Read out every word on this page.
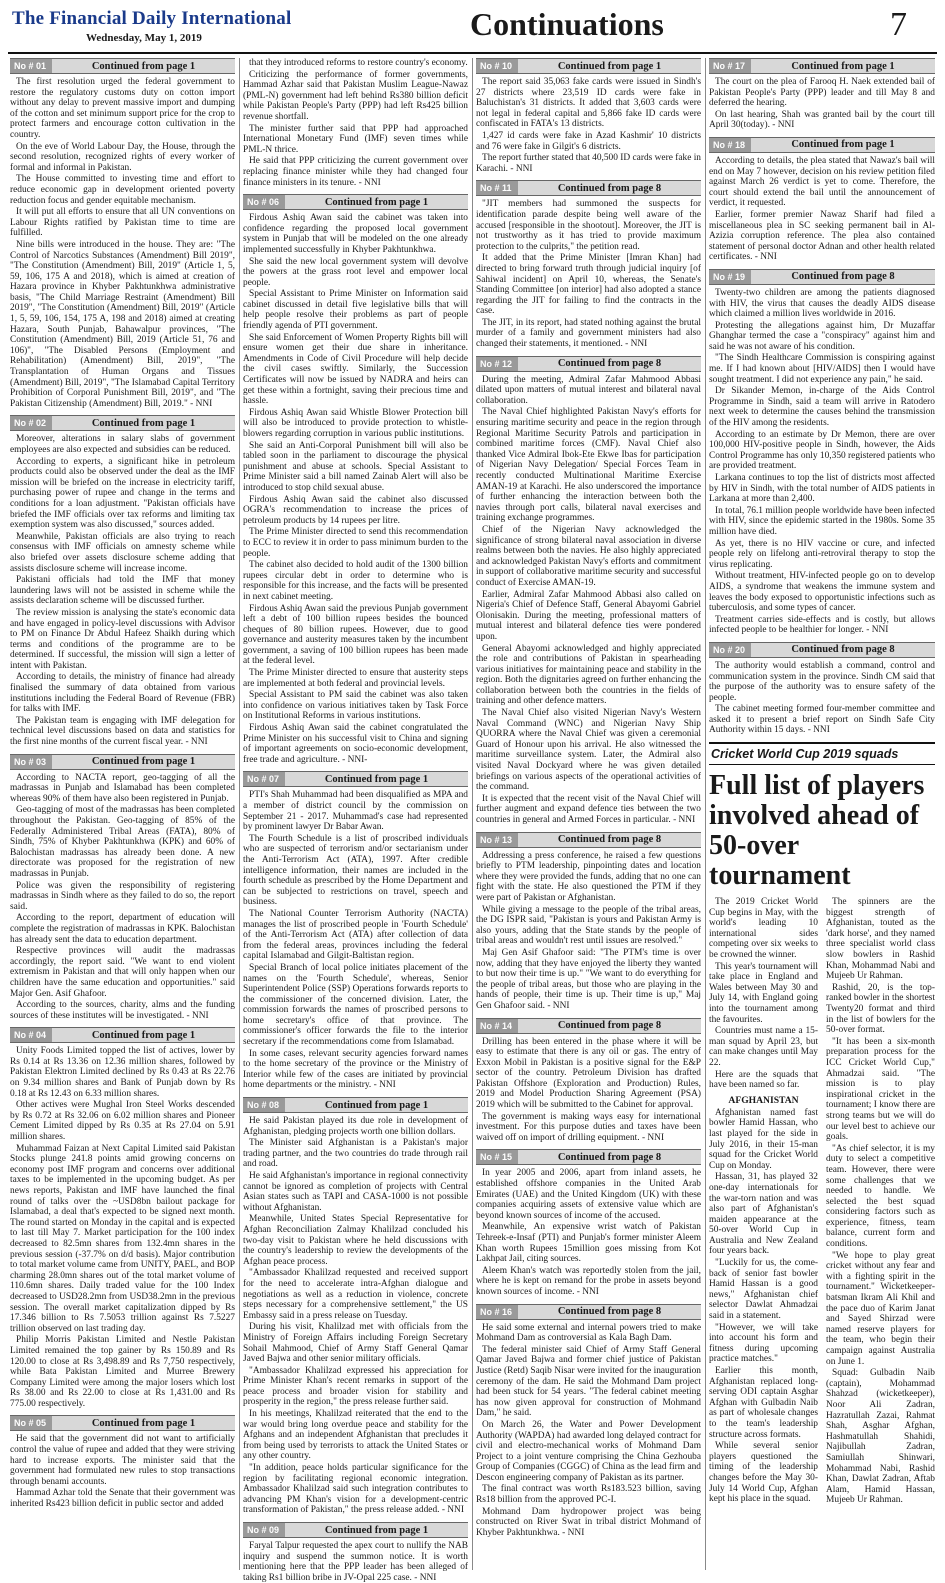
The Financial Daily International
Wednesday, May 1, 2019	Continuations	7
No # 01	Continued from page 1

The first resolution urged the federal government to restore the regulatory customs duty on cotton import without any delay to prevent massive import and dumping of the cotton and set minimum support price for the crop to protect farmers and encourage cotton cultivation in the country.

On the eve of World Labour Day, the House, through the second resolution, recognized rights of every worker of formal and informal in Pakistan.

The House committed to investing time and effort to reduce economic gap in development oriented poverty reduction focus and gender equitable mechanism.

It will put all efforts to ensure that all UN conventions on Labour Rights ratified by Pakistan time to time are fulfilled.

Nine bills were introduced in the house. They are: "The Control of Narcotics Substances (Amendment) Bill 2019", "The Constitution (Amendment) Bill, 2019" (Article 1, 5, 59, 106, 175 A and 2018), which is aimed at creation of Hazara province in Khyber Pakhtunkhwa administrative basis, "The Child Marriage Restraint (Amendment) Bill 2019", "The Constitution (Amendment) Bill, 2019" (Article 1, 5, 59, 106, 154, 175 A, 198 and 2018) aimed at creating Hazara, South Punjab, Bahawalpur provinces, "The Constitution (Amendment) Bill, 2019 (Article 51, 76 and 106)", "The Disabled Persons (Employment and Rehabilitation) (Amendment) Bill, 2019", "The Transplantation of Human Organs and Tissues (Amendment) Bill, 2019", "The Islamabad Capital Territory Prohibition of Corporal Punishment Bill, 2019", and "The Pakistan Citizenship (Amendment) Bill, 2019." - NNI

No # 02	Continued from page 1

Moreover, alterations in salary slabs of government employees are also expected and subsidies can be reduced.

According to experts, a significant hike in petroleum products could also be observed under the deal as the IMF mission will be briefed on the increase in electricity tariff, purchasing power of rupee and change in the terms and conditions for a loan adjustment. "Pakistan officials have briefed the IMF officials over tax reforms and limiting tax exemption system was also discussed," sources added.

Meanwhile, Pakistan officials are also trying to reach consensus with IMF officials on amnesty scheme while also briefed over assets disclosure scheme adding that assists disclosure scheme will increase income.

Pakistani officials had told the IMF that money laundering laws will not be assisted in scheme while the assists declaration scheme will be discussed further.

The review mission is analysing the state's economic data and have engaged in policy-level discussions with Advisor to PM on Finance Dr Abdul Hafeez Shaikh during which terms and conditions of the programme are to be determined. If successful, the mission will sign a letter of intent with Pakistan.

According to details, the ministry of finance had already finalised the summary of data obtained from various institutions including the Federal Board of Revenue (FBR) for talks with IMF.

The Pakistan team is engaging with IMF delegation for technical level discussions based on data and statistics for the first nine months of the current fiscal year. - NNI

No # 03	Continued from page 1

According to NACTA report, geo-tagging of all the madrassas in Punjab and Islamabad has been completed whereas 90% of them have also been registered in Punjab.

Geo-tagging of most of the madrassas has been completed throughout the Pakistan. Geo-tagging of 85% of the Federally Administered Tribal Areas (FATA), 80% of Sindh, 75% of Khyber Pakhtunkhwa (KPK) and 60% of Balochistan madrassas has already been done. A new directorate was proposed for the registration of new madrassas in Punjab.

Police was given the responsibility of registering madrassas in Sindh where as they failed to do so, the report said.

According to the report, department of education will complete the registration of madrassas in KPK. Balochistan has already sent the data to education department.

Respective provinces will audit the madrassas accordingly, the report said. "We want to end violent extremism in Pakistan and that will only happen when our children have the same education and opportunities." said Major Gen. Asif Ghafoor.

According to the sources, charity, alms and the funding sources of these institutes will be investigated. - NNI

No # 04	Continued from page 1

Unity Foods Limited topped the list of actives, lower by Rs 0.14 at Rs 13.36 on 12.36 million shares, followed by Pakistan Elektron Limited declined by Rs 0.43 at Rs 22.76 on 9.34 million shares and Bank of Punjab down by Rs 0.18 at Rs 12.43 on 6.33 million shares.

Other actives were Mughal Iron Steel Works descended by Rs 0.72 at Rs 32.06 on 6.02 million shares and Pioneer Cement Limited dipped by Rs 0.35 at Rs 27.04 on 5.91 million shares.

Muhammad Faizan at Next Capital Limited said Pakistan Stocks plunge 241.8 points amid growing concerns on economy post IMF program and concerns over additional taxes to be implemented in the upcoming budget. As per news reports, Pakistan and IMF have launched the final round of talks over the ~USD8bn bailout package for Islamabad, a deal that's expected to be signed next month. The round started on Monday in the capital and is expected to last till May 7. Market participation for the 100 index decreased to 82.5mn shares from 132.4mn shares in the previous session (-37.7% on d/d basis). Major contribution to total market volume came from UNITY, PAEL, and BOP charming 28.0mn shares out of the total market volume of 110.6mn shares. Daily traded value for the 100 Index decreased to USD28.2mn from USD38.2mn in the previous session. The overall market capitalization dipped by Rs 17.346 billion to Rs 7.5053 trillion against Rs 7.5227 trillion observed on last trading day.

Philip Morris Pakistan Limited and Nestle Pakistan Limited remained the top gainer by Rs 150.89 and Rs 120.00 to close at Rs 3,498.89 and Rs 7,750 respectively, while Bata Pakistan Limited and Murree Brewery Company Limited were among the major losers which lost Rs 38.00 and Rs 22.00 to close at Rs 1,431.00 and Rs 775.00 respectively.

No # 05	Continued from page 1

He said that the government did not want to artificially control the value of rupee and added that they were striving hard to increase exports. The minister said that the government had formulated new rules to stop transactions through benami accounts.

Hammad Azhar told the Senate that their government was inherited Rs423 billion deficit in public sector and added

that they introduced reforms to restore country's economy.

Criticizing the performance of former governments, Hammad Azhar said that Pakistan Muslim League-Nawaz (PML-N) government had left behind Rs380 billion deficit while Pakistan People's Party (PPP) had left Rs425 billion revenue shortfall.

The minister further said that PPP had approached International Monetary Fund (IMF) seven times while PML-N thrice.

He said that PPP criticizing the current government over replacing finance minister while they had changed four finance ministers in its tenure. - NNI

No # 06	Continued from page 1

Firdous Ashiq Awan said the cabinet was taken into confidence regarding the proposed local government system in Punjab that will be modeled on the one already implemented successfully in Khyber Pakhtunkhwa.

She said the new local government system will devolve the powers at the grass root level and empower local people.

Special Assistant to Prime Minister on Information said cabinet discussed in detail five legislative bills that will help people resolve their problems as part of people friendly agenda of PTI government.

She said Enforcement of Women Property Rights bill will ensure women get their due share in inheritance. Amendments in Code of Civil Procedure will help decide the civil cases swiftly. Similarly, the Succession Certificates will now be issued by NADRA and heirs can get these within a fortnight, saving their precious time and hassle.

Firdous Ashiq Awan said Whistle Blower Protection bill will also be introduced to provide protection to whistle-blowers regarding corruption in various public institutions.

She said an Anti-Corporal Punishment bill will also be tabled soon in the parliament to discourage the physical punishment and abuse at schools. Special Assistant to Prime Minister said a bill named Zainab Alert will also be introduced to stop child sexual abuse.

Firdous Ashiq Awan said the cabinet also discussed OGRA's recommendation to increase the prices of petroleum products by 14 rupees per litre.

The Prime Minister directed to send this recommendation to ECC to review it in order to pass minimum burden to the people.

The cabinet also decided to hold audit of the 1300 billion rupees circular debt in order to determine who is responsible for this increase, and the facts will be presented in next cabinet meeting.

Firdous Ashiq Awan said the previous Punjab government left a debt of 100 billion rupees besides the bounced cheques of 80 billion rupees. However, due to good governance and austerity measures taken by the incumbent government, a saving of 100 billion rupees has been made at the federal level.

The Prime Minister directed to ensure that austerity steps are implemented at both federal and provincial levels.

Special Assistant to PM said the cabinet was also taken into confidence on various initiatives taken by Task Force on Institutional Reforms in various institutions.

Firdous Ashiq Awan said the cabinet congratulated the Prime Minister on his successful visit to China and signing of important agreements on socio-economic development, free trade and agriculture. - NNI-

No # 07	Continued from page 1

PTI's Shah Muhammad had been disqualified as MPA and a member of district council by the commission on September 21 - 2017. Muhammad's case had represented by prominent lawyer Dr Babar Awan.

The Fourth Schedule is a list of proscribed individuals who are suspected of terrorism and/or sectarianism under the Anti-Terrorism Act (ATA), 1997. After credible intelligence information, their names are included in the fourth schedule as prescribed by the Home Department and can be subjected to restrictions on travel, speech and business.

The National Counter Terrorism Authority (NACTA) manages the list of proscribed people in 'Fourth Schedule' of the Anti-Terrorism Act (ATA) after collection of data from the federal areas, provinces including the federal capital Islamabad and Gilgit-Baltistan region.

Special Branch of local police initiates placement of the names on the 'Fourth Schedule', whereas, Senior Superintendent Police (SSP) Operations forwards reports to the commissioner of the concerned division. Later, the commission forwards the names of proscribed persons to home secretary's office of that province. The commissioner's officer forwards the file to the interior secretary if the recommendations come from Islamabad.

In some cases, relevant security agencies forward names to the home secretary of the province or the Ministry of Interior while few of the cases are initiated by provincial home departments or the ministry. - NNI

No # 08	Continued from page 1

He said Pakistan played its due role in development of Afghanistan, pledging projects worth one billion dollars.

The Minister said Afghanistan is a Pakistan's major trading partner, and the two countries do trade through rail and road.

He said Afghanistan's importance in regional connectivity cannot be ignored as completion of projects with Central Asian states such as TAPI and CASA-1000 is not possible without Afghanistan.

Meanwhile, United States Special Representative for Afghan Reconciliation Zalmay Khalilzad concluded his two-day visit to Pakistan where he held discussions with the country's leadership to review the developments of the Afghan peace process.

"Ambassador Khalilzad requested and received support for the need to accelerate intra-Afghan dialogue and negotiations as well as a reduction in violence, concrete steps necessary for a comprehensive settlement," the US Embassy said in a press release on Tuesday.

During his visit, Khalilzad met with officials from the Ministry of Foreign Affairs including Foreign Secretary Sohail Mahmood, Chief of Army Staff General Qamar Javed Bajwa and other senior military officials.

"Ambassador Khalilzad expressed his appreciation for Prime Minister Khan's recent remarks in support of the peace process and broader vision for stability and prosperity in the region," the press release further said.

In his meetings, Khalilzad reiterated that the end to the war would bring long overdue peace and stability for the Afghans and an independent Afghanistan that precludes it from being used by terrorists to attack the United States or any other country.

"In addition, peace holds particular significance for the region by facilitating regional economic integration. Ambassador Khalilzad said such integration contributes to advancing PM Khan's vision for a development-centric transformation of Pakistan," the press release added. - NNI

No # 09	Continued from page 1

Faryal Talpur requested the apex court to nullify the NAB inquiry and suspend the summon notice. It is worth mentioning here that the PPP leader has been alleged of taking Rs1 billion bribe in JV-Opal 225 case. - NNI

No # 10	Continued from page 1

The report said 35,063 fake cards were issued in Sindh's 27 districts where 23,519 ID cards were fake in Baluchistan's 31 districts. It added that 3,603 cards were not legal in federal capital and 5,866 fake ID cards were confiscated in FATA's 13 districts.

1,427 id cards were fake in Azad Kashmir' 10 districts and 76 were fake in Gilgit's 6 districts.

The report further stated that 40,500 ID cards were fake in Karachi. - NNI

No # 11	Continued from page 8

"JIT members had summoned the suspects for identification parade despite being well aware of the accused [responsible in the shootout]. Moreover, the JIT is not trustworthy as it has tried to provide maximum protection to the culprits," the petition read.

It added that the Prime Minister [Imran Khan] had directed to bring forward truth through judicial inquiry [of Sahiwal incident] on April 10, whereas, the Senate's Standing Committee [on interior] had also adopted a stance regarding the JIT for failing to find the contracts in the case.

The JIT, in its report, had stated nothing against the brutal murder of a family and government ministers had also changed their statements, it mentioned. - NNI

No # 12	Continued from page 8

During the meeting, Admiral Zafar Mahmood Abbasi dilated upon matters of mutual interest and bilateral naval collaboration.

The Naval Chief highlighted Pakistan Navy's efforts for ensuring maritime security and peace in the region through Regional Maritime Security Patrols and participation in combined maritime forces (CMF). Naval Chief also thanked Vice Admiral Ibok-Ete Ekwe Ibas for participation of Nigerian Navy Delegation/ Special Forces Team in recently conducted Multinational Maritime Exercise AMAN-19 at Karachi. He also underscored the importance of further enhancing the interaction between both the navies through port calls, bilateral naval exercises and training exchange programmes.

Chief of the Nigerian Navy acknowledged the significance of strong bilateral naval association in diverse realms between both the navies. He also highly appreciated and acknowledged Pakistan Navy's efforts and commitment in support of collaborative maritime security and successful conduct of Exercise AMAN-19.

Earlier, Admiral Zafar Mahmood Abbasi also called on Nigeria's Chief of Defence Staff, General Abayomi Gabriel Olonisakin. During the meeting, professional matters of mutual interest and bilateral defence ties were pondered upon.

General Abayomi acknowledged and highly appreciated the role and contributions of Pakistan in spearheading various initiatives for maintaining peace and stability in the region. Both the dignitaries agreed on further enhancing the collaboration between both the countries in the fields of training and other defence matters.

The Naval Chief also visited Nigerian Navy's Western Naval Command (WNC) and Nigerian Navy Ship QUORRA where the Naval Chief was given a ceremonial Guard of Honour upon his arrival. He also witnessed the maritime surveillance system. Later, the Admiral also visited Naval Dockyard where he was given detailed briefings on various aspects of the operational activities of the command.

It is expected that the recent visit of the Naval Chief will further augment and expand defence ties between the two countries in general and Armed Forces in particular. - NNI

No # 13	Continued from page 8

Addressing a press conference, he raised a few questions briefly to PTM leadership, pinpointing dates and location where they were provided the funds, adding that no one can fight with the state. He also questioned the PTM if they were part of Pakistan or Afghanistan.

While giving a message to the people of the tribal areas, the DG ISPR said, "Pakistan is yours and Pakistan Army is also yours, adding that the State stands by the people of tribal areas and wouldn't rest until issues are resolved."

Maj Gen Asif Ghafoor said: "The PTM's time is over now, adding that they have enjoyed the liberty they wanted to but now their time is up." "We want to do everything for the people of tribal areas, but those who are playing in the hands of people, their time is up. Their time is up," Maj Gen Ghafoor said. - NNI

No # 14	Continued from page 8

Drilling has been entered in the phase where it will be easy to estimate that there is any oil or gas. The entry of Exxon Mobil in Pakistan is a positive signal for the E&P sector of the country. Petroleum Division has drafted Pakistan Offshore (Exploration and Production) Rules, 2019 and Model Production Sharing Agreement (PSA) 2019 which will be submitted to the Cabinet for approval.

The government is making ways easy for international investment. For this purpose duties and taxes have been waived off on import of drilling equipment. - NNI

No # 15	Continued from page 8

In year 2005 and 2006, apart from inland assets, he established offshore companies in the United Arab Emirates (UAE) and the United Kingdom (UK) with these companies acquiring assets of extensive value which are beyond known sources of income of the accused.

Meanwhile, An expensive wrist watch of Pakistan Tehreek-e-Insaf (PTI) and Punjab's former minister Aleem Khan worth Rupees 15million goes missing from Kot Lakhpat Jail, citing sources.

Aleem Khan's watch was reportedly stolen from the jail, where he is kept on remand for the probe in assets beyond known sources of income. - NNI

No # 16	Continued from page 8

He said some external and internal powers tried to make Mohmand Dam as controversial as Kala Bagh Dam.

The federal minister said Chief of Army Staff General Qamar Javed Bajwa and former chief justice of Pakistan Justice (Retd) Saqib Nisar were invited for the inauguration ceremony of the dam. He said the Mohmand Dam project had been stuck for 54 years. "The federal cabinet meeting has now given approval for construction of Mohmand Dam," he said.

On March 26, the Water and Power Development Authority (WAPDA) had awarded long delayed contract for civil and electro-mechanical works of Mohmand Dam Project to a joint venture comprising the China Gezhouba Group of Companies (CGGC) of China as the lead firm and Descon engineering company of Pakistan as its partner.

The final contract was worth Rs183.523 billion, saving Rs18 billion from the approved PC-I.

Mohmand Dam hydropower project was being constructed on River Swat in tribal district Mohmand of Khyber Pakhtunkhwa. - NNI

No # 17	Continued from page 1

The court on the plea of Farooq H. Naek extended bail of Pakistan People's Party (PPP) leader and till May 8 and deferred the hearing.

On last hearing, Shah was granted bail by the court till April 30(today). - NNI

No # 18	Continued from page 1

According to details, the plea stated that Nawaz's bail will end on May 7 however, decision on his review petition filed against March 26 verdict is yet to come. Therefore, the court should extend the bail until the announcement of verdict, it requested.

Earlier, former premier Nawaz Sharif had filed a miscellaneous plea in SC seeking permanent bail in Al-Azizia corruption reference. The plea also contained statement of personal doctor Adnan and other health related certificates. - NNI

No # 19	Continued from page 8

Twenty-two children are among the patients diagnosed with HIV, the virus that causes the deadly AIDS disease which claimed a million lives worldwide in 2016.

Protesting the allegations against him, Dr Muzaffar Ghanghar termed the case a "conspiracy" against him and said he was not aware of his condition.

"The Sindh Healthcare Commission is conspiring against me. If I had known about [HIV/AIDS] then I would have sought treatment. I did not experience any pain," he said.

Dr Sikander Memon, in-charge of the Aids Control Programme in Sindh, said a team will arrive in Ratodero next week to determine the causes behind the transmission of the HIV among the residents.

According to an estimate by Dr Memon, there are over 100,000 HIV-positive people in Sindh, however, the Aids Control Programme has only 10,350 registered patients who are provided treatment.

Larkana continues to top the list of districts most affected by HIV in Sindh, with the total number of AIDS patients in Larkana at more than 2,400.

In total, 76.1 million people worldwide have been infected with HIV, since the epidemic started in the 1980s. Some 35 million have died.

As yet, there is no HIV vaccine or cure, and infected people rely on lifelong anti-retroviral therapy to stop the virus replicating.

Without treatment, HIV-infected people go on to develop AIDS, a syndrome that weakens the immune system and leaves the body exposed to opportunistic infections such as tuberculosis, and some types of cancer.

Treatment carries side-effects and is costly, but allows infected people to be healthier for longer. - NNI

No # 20	Continued from page 8

The authority would establish a command, control and communication system in the province. Sindh CM said that the purpose of the authority was to ensure safety of the people.

The cabinet meeting formed four-member committee and asked it to present a brief report on Sindh Safe City Authority within 15 days. - NNI

Cricket World Cup 2019 squads
Full list of players involved ahead of 50-over tournament

The 2019 Cricket World Cup begins in May, with the world's leading 10 international sides competing over six weeks to be crowned the winner.

This year's tournament will take place in England and Wales between May 30 and July 14, with England going into the tournament among the favourites.

Countries must name a 15-man squad by April 23, but can make changes until May 22.

Here are the squads that have been named so far.

AFGHANISTAN

Afghanistan named fast bowler Hamid Hassan, who last played for the side in July 2016, in their 15-man squad for the Cricket World Cup on Monday.

Hassan, 31, has played 32 one-day internationals for the war-torn nation and was also part of Afghanistan's maiden appearance at the 50-over World Cup in Australia and New Zealand four years back.

"Luckily for us, the come-back of senior fast bowler Hamid Hassan is a good news," Afghanistan chief selector Dawlat Ahmadzai said in a statement.

"However, we will take into account his form and fitness during upcoming practice matches."

Earlier this month, Afghanistan replaced long-serving ODI captain Asghar Afghan with Gulbadin Naib as part of wholesale changes to the team's leadership structure across formats.

While several senior players questioned the timing of the leadership changes before the May 30-July 14 World Cup, Afghan kept his place in the squad.

The spinners are the biggest strength of Afghanistan, touted as the 'dark horse', and they named three specialist world class slow bowlers in Rashid Khan, Mohammad Nabi and Mujeeb Ur Rahman.

Rashid, 20, is the top-ranked bowler in the shortest Twenty20 format and third in the list of bowlers for the 50-over format.

"It has been a six-month preparation process for the ICC Cricket World Cup," Ahmadzai said. "The mission is to play inspirational cricket in the tournament; I know there are strong teams but we will do our level best to achieve our goals.

"As chief selector, it is my duty to select a competitive team. However, there were some challenges that we needed to handle. We selected the best squad considering factors such as experience, fitness, team balance, current form and conditions.

"We hope to play great cricket without any fear and with a fighting spirit in the tournament." Wicketkeeper-batsman Ikram Ali Khil and the pace duo of Karim Janat and Sayed Shirzad were named reserve players for the team, who begin their campaign against Australia on June 1.

Squad: Gulbadin Naib (captain), Mohammad Shahzad (wicketkeeper), Noor Ali Zadran, Hazratullah Zazai, Rahmat Shah, Asghar Afghan, Hashmatullah Shahidi, Najibullah Zadran, Samiullah Shinwari, Mohammad Nabi, Rashid Khan, Dawlat Zadran, Aftab Alam, Hamid Hassan, Mujeeb Ur Rahman.
